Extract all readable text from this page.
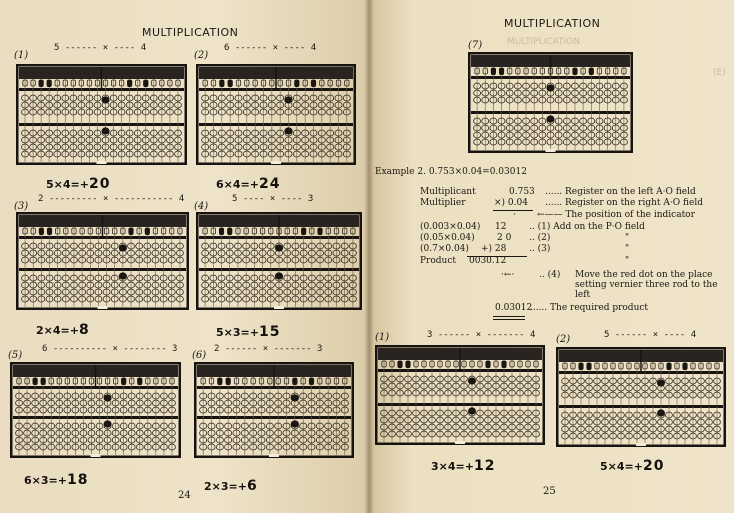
MULTIPLICATION
(1)
5 ------ × ---- 4
5×4=+20
(2)
6 ------ × ---- 4
6×4=+24
(3)
2 --------- × ----------- 4
2×4=+8
(4)
5 ---- × ---- 3
5×3=+15
(5)
6 ---------- × -------- 3
6×3=+18
(6)
2 ------ × ------- 3
2×3=+6
24
MULTIPLICATION
MULTIPLICATION
(E)
(7)
Example 2. 0.753×0.04=0.03012
Multiplicant	0.753 ...... Register on the left A·O field
Multiplier	×) 0.04 ...... Register on the right A·O field
· ←—— The position of the indicator
(0.003×0.04) 12	.. (1) Add on the P·O field
(0.05×0.04) 2 0 .. (2)	"
(0.7×0.04) +) 28	.. (3)	"
Product 0030.12	"
·←·	.. (4) Move the red dot on the place setting vernier three rod to the left
0.03012
...... The required product
(1)	3 ------ × ------- 4
3×4=+12
(2)	5 ------ × ---- 4
5×4=+20
25
